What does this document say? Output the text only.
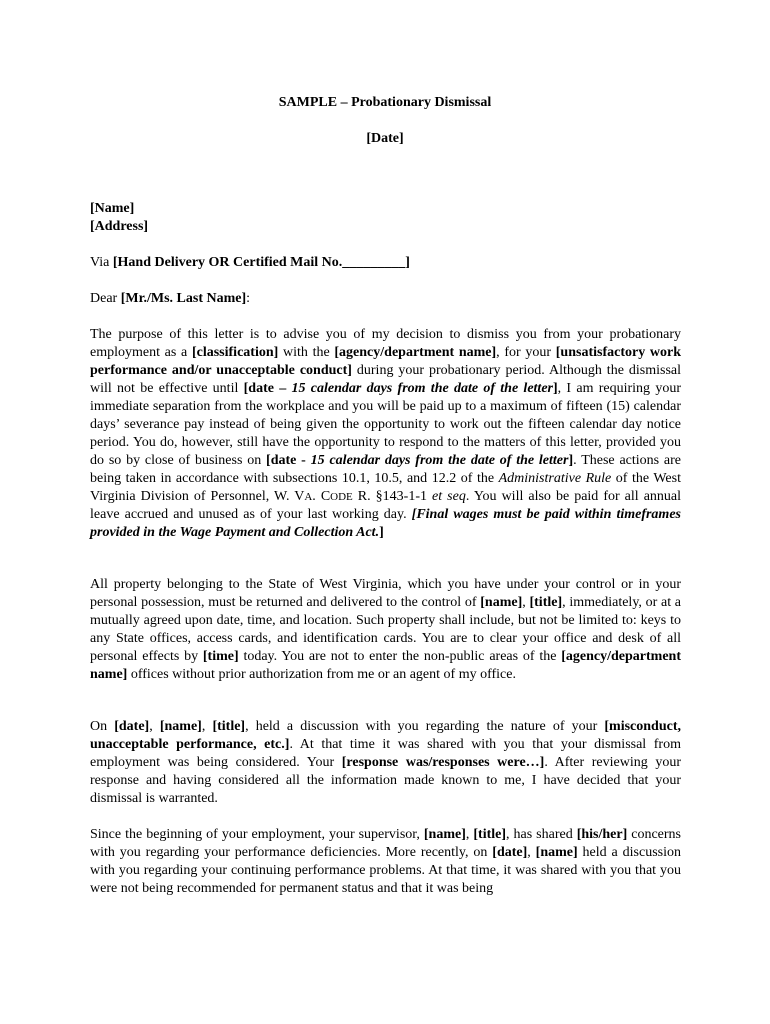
SAMPLE – Probationary Dismissal
[Date]
[Name]
[Address]
Via [Hand Delivery OR Certified Mail No._________]
Dear [Mr./Ms. Last Name]:
The purpose of this letter is to advise you of my decision to dismiss you from your probationary employment as a [classification] with the [agency/department name], for your [unsatisfactory work performance and/or unacceptable conduct] during your probationary period. Although the dismissal will not be effective until [date – 15 calendar days from the date of the letter], I am requiring your immediate separation from the workplace and you will be paid up to a maximum of fifteen (15) calendar days’ severance pay instead of being given the opportunity to work out the fifteen calendar day notice period. You do, however, still have the opportunity to respond to the matters of this letter, provided you do so by close of business on [date - 15 calendar days from the date of the letter]. These actions are being taken in accordance with subsections 10.1, 10.5, and 12.2 of the Administrative Rule of the West Virginia Division of Personnel, W. VA. CODE R. §143-1-1 et seq. You will also be paid for all annual leave accrued and unused as of your last working day. [Final wages must be paid within timeframes provided in the Wage Payment and Collection Act.]
All property belonging to the State of West Virginia, which you have under your control or in your personal possession, must be returned and delivered to the control of [name], [title], immediately, or at a mutually agreed upon date, time, and location. Such property shall include, but not be limited to: keys to any State offices, access cards, and identification cards. You are to clear your office and desk of all personal effects by [time] today. You are not to enter the non-public areas of the [agency/department name] offices without prior authorization from me or an agent of my office.
On [date], [name], [title], held a discussion with you regarding the nature of your [misconduct, unacceptable performance, etc.]. At that time it was shared with you that your dismissal from employment was being considered. Your [response was/responses were…]. After reviewing your response and having considered all the information made known to me, I have decided that your dismissal is warranted.
Since the beginning of your employment, your supervisor, [name], [title], has shared [his/her] concerns with you regarding your performance deficiencies. More recently, on [date], [name] held a discussion with you regarding your continuing performance problems. At that time, it was shared with you that you were not being recommended for permanent status and that it was being
